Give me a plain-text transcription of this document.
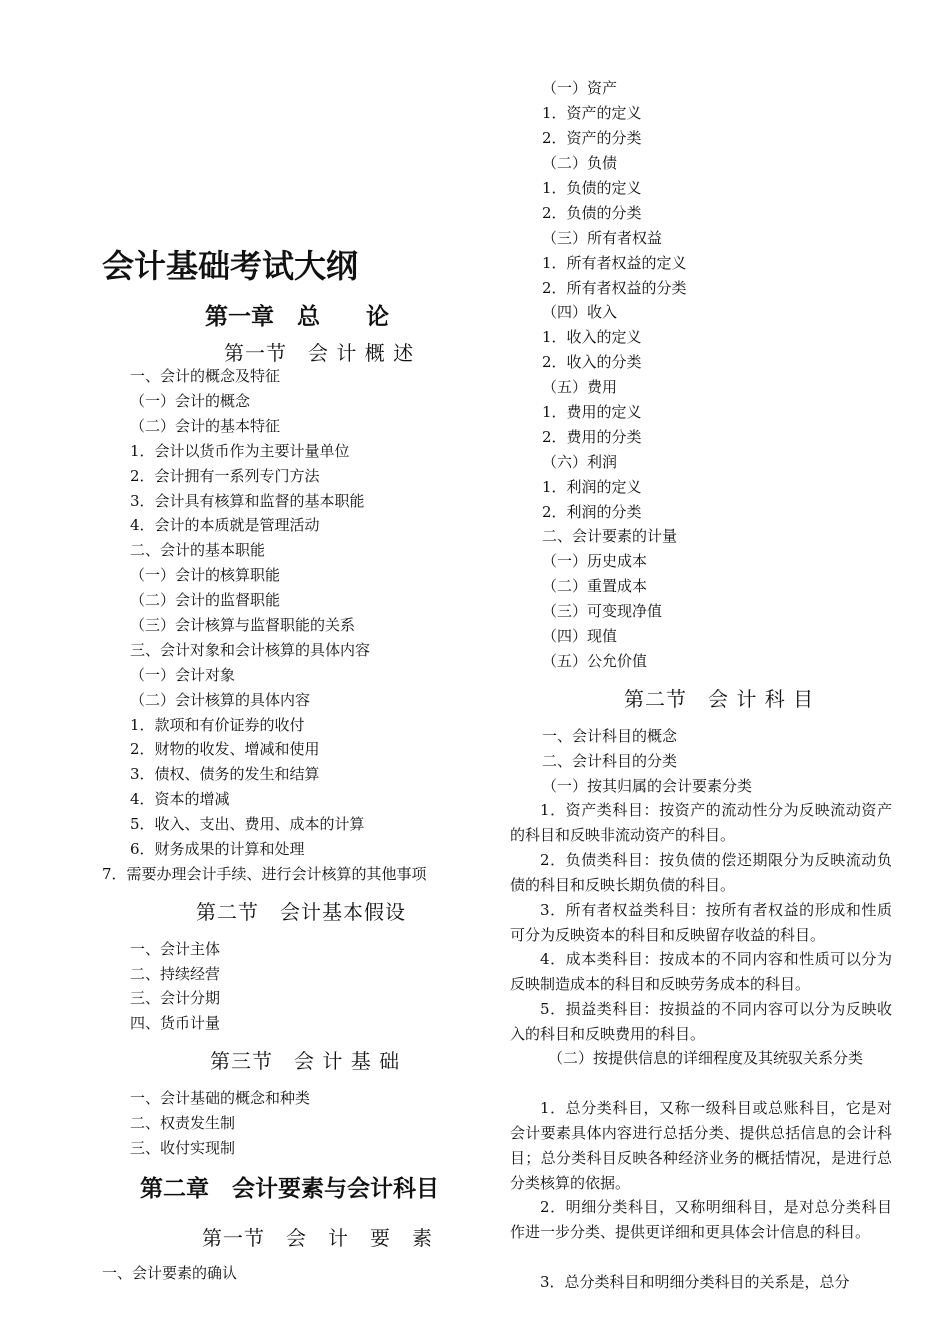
会计基础考试大纲
第一章　总　　论
第一节　会 计 概 述
一、会计的概念及特征
（一）会计的概念
（二）会计的基本特征
1．会计以货币作为主要计量单位
2．会计拥有一系列专门方法
3．会计具有核算和监督的基本职能
4．会计的本质就是管理活动
二、会计的基本职能
（一）会计的核算职能
（二）会计的监督职能
（三）会计核算与监督职能的关系
三、会计对象和会计核算的具体内容
（一）会计对象
（二）会计核算的具体内容
1．款项和有价证券的收付
2．财物的收发、增减和使用
3．债权、债务的发生和结算
4．资本的增减
5．收入、支出、费用、成本的计算
6．财务成果的计算和处理
7．需要办理会计手续、进行会计核算的其他事项
第二节　会计基本假设
一、会计主体
二、持续经营
三、会计分期
四、货币计量
第三节　会 计 基 础
一、会计基础的概念和种类
二、权责发生制
三、收付实现制
第二章　会计要素与会计科目
第一节　会　计　要　素
一、会计要素的确认
（一）资产
1．资产的定义
2．资产的分类
（二）负债
1．负债的定义
2．负债的分类
（三）所有者权益
1．所有者权益的定义
2．所有者权益的分类
（四）收入
1．收入的定义
2．收入的分类
（五）费用
1．费用的定义
2．费用的分类
（六）利润
1．利润的定义
2．利润的分类
二、会计要素的计量
（一）历史成本
（二）重置成本
（三）可变现净值
（四）现值
（五）公允价值
第二节　会 计 科 目
一、会计科目的概念
二、会计科目的分类
（一）按其归属的会计要素分类
1．资产类科目：按资产的流动性分为反映流动资产的科目和反映非流动资产的科目。
2．负债类科目：按负债的偿还期限分为反映流动负债的科目和反映长期负债的科目。
3．所有者权益类科目：按所有者权益的形成和性质可分为反映资本的科目和反映留存收益的科目。
4．成本类科目：按成本的不同内容和性质可以分为反映制造成本的科目和反映劳务成本的科目。
5．损益类科目：按损益的不同内容可以分为反映收入的科目和反映费用的科目。
（二）按提供信息的详细程度及其统驭关系分类
1．总分类科目，又称一级科目或总账科目，它是对会计要素具体内容进行总括分类、提供总括信息的会计科目；总分类科目反映各种经济业务的概括情况，是进行总分类核算的依据。
2．明细分类科目，又称明细科目，是对总分类科目作进一步分类、提供更详细和更具体会计信息的科目。
3．总分类科目和明细分类科目的关系是，总分
